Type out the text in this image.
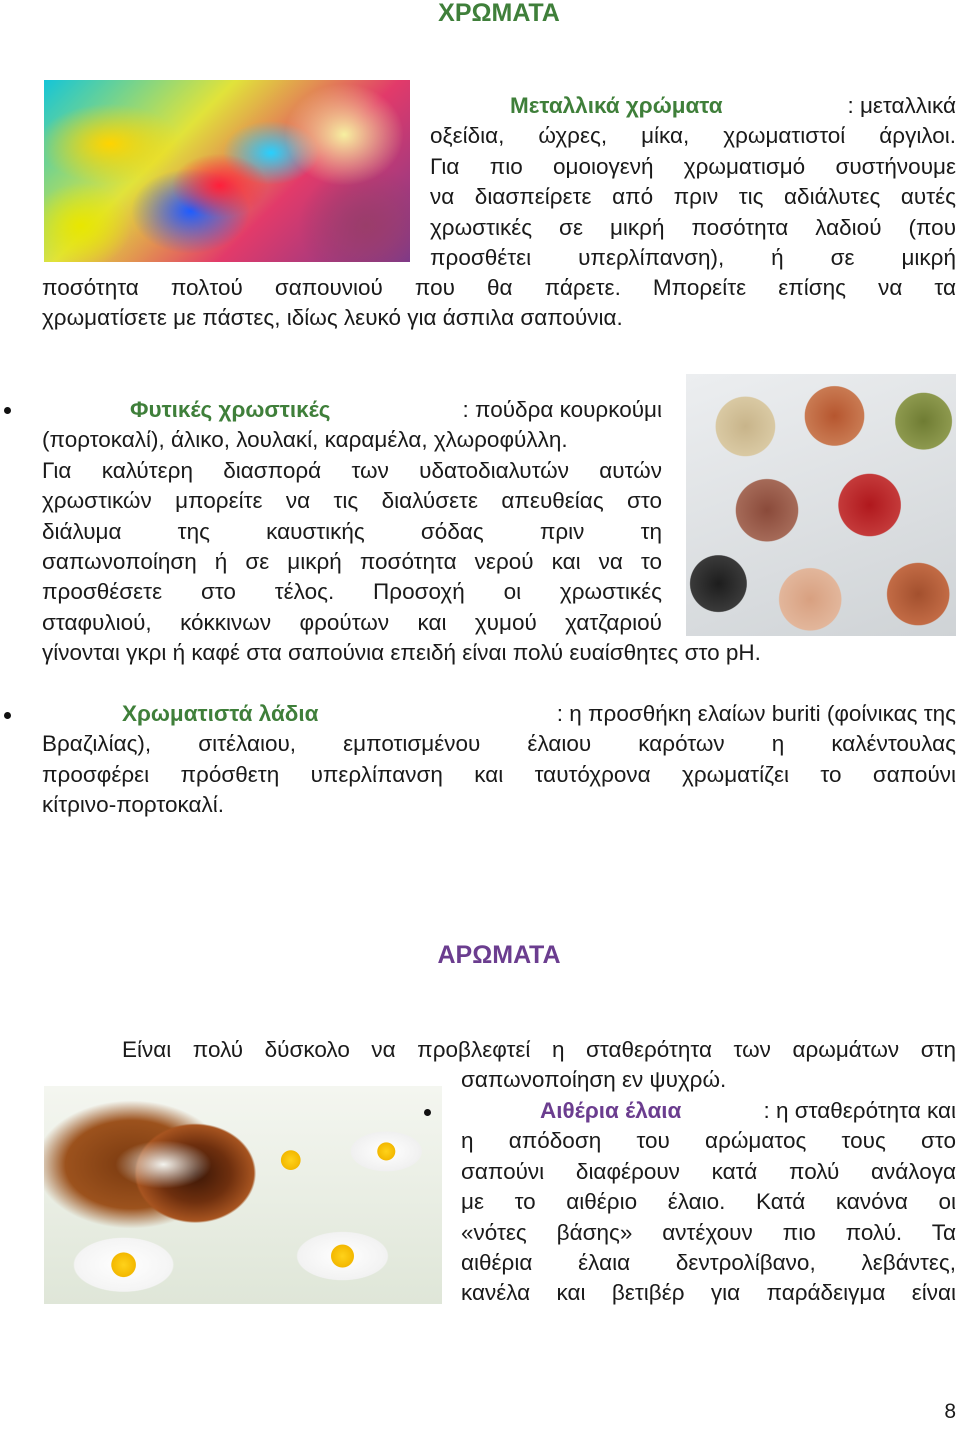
ΧΡΩΜΑΤΑ
Μεταλλικά χρώματα	: μεταλλικά
οξείδια, ώχρες, μίκα, χρωματιστοί άργιλοι.
Για πιο ομοιογενή χρωματισμό συστήνουμε
να διασπείρετε από πριν τις αδιάλυτες αυτές
χρωστικές σε μικρή ποσότητα λαδιού (που
προσθέτει υπερλίπανση), ή σε μικρή
ποσότητα πολτού σαπουνιού που θα πάρετε. Μπορείτε επίσης να τα
χρωματίσετε με πάστες, ιδίως λευκό για άσπιλα σαπούνια.
Φυτικές χρωστικές	: πούδρα κουρκούμι
(πορτοκαλί), άλικο, λουλακί, καραμέλα, χλωροφύλλη.
Για καλύτερη διασπορά των υδατοδιαλυτών αυτών
χρωστικών μπορείτε να τις διαλύσετε απευθείας στο
διάλυμα της καυστικής σόδας πριν τη
σαπωνοποίηση ή σε μικρή ποσότητα νερού και να το
προσθέσετε στο τέλος. Προσοχή οι χρωστικές
σταφυλιού, κόκκινων φρούτων και χυμού χατζαριού
γίνονται γκρι ή καφέ στα σαπούνια επειδή είναι πολύ ευαίσθητες στο pH.
Χρωματιστά λάδια	: η προσθήκη ελαίων buriti (φοίνικας της
Βραζιλίας), σιτέλαιου, εμποτισμένου έλαιου καρότων η καλέντουλας
προσφέρει πρόσθετη υπερλίπανση και ταυτόχρονα χρωματίζει το σαπούνι
κίτρινο-πορτοκαλί.
ΑΡΩΜΑΤΑ
Είναι πολύ δύσκολο να προβλεφτεί η σταθερότητα των αρωμάτων στη
σαπωνοποίηση εν ψυχρώ.
Αιθέρια έλαια	: η σταθερότητα και
η απόδοση του αρώματος τους στο
σαπούνι διαφέρουν κατά πολύ ανάλογα
με το αιθέριο έλαιο. Κατά κανόνα οι
«νότες βάσης» αντέχουν πιο πολύ. Τα
αιθέρια έλαια δεντρολίβανο, λεβάντες,
κανέλα και βετιβέρ για παράδειγμα είναι
8
